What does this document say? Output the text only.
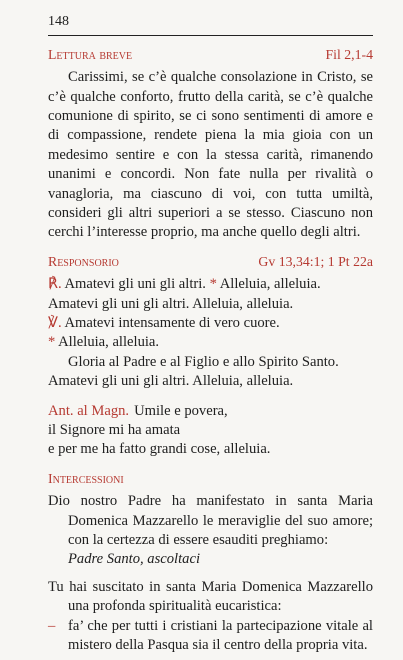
148
Lettura breve	Fil 2,1-4

Carissimi, se c’è qualche consolazione in Cristo, se c’è qualche conforto, frutto della carità, se c’è qualche comunione di spirito, se ci sono sentimenti di amore e di compassione, rendete piena la mia gioia con un medesimo sentire e con la stessa carità, rimanendo unanimi e concordi. Non fate nulla per rivalità o vanagloria, ma ciascuno di voi, con tutta umiltà, consideri gli altri superiori a se stesso. Ciascuno non cerchi l’interesse proprio, ma anche quello degli altri.

Responsorio	Gv 13,34:1; 1 Pt 22a

℟. Amatevi gli uni gli altri. * Alleluia, alleluia.

Amatevi gli uni gli altri. Alleluia, alleluia.

℣. Amatevi intensamente di vero cuore.

* Alleluia, alleluia.

Gloria al Padre e al Figlio e allo Spirito Santo.

Amatevi gli uni gli altri. Alleluia, alleluia.

Ant. al Magn. Umile e povera,

il Signore mi ha amata

e per me ha fatto grandi cose, alleluia.

Intercessioni

Dio nostro Padre ha manifestato in santa Maria Domenica Mazzarello le meraviglie del suo amore; con la certezza di essere esauditi preghiamo:
Padre Santo, ascoltaci

Tu hai suscitato in santa Maria Domenica Mazzarello una profonda spiritualità eucaristica:

– fa’ che per tutti i cristiani la partecipazione vitale al mistero della Pasqua sia il centro della propria vita.
